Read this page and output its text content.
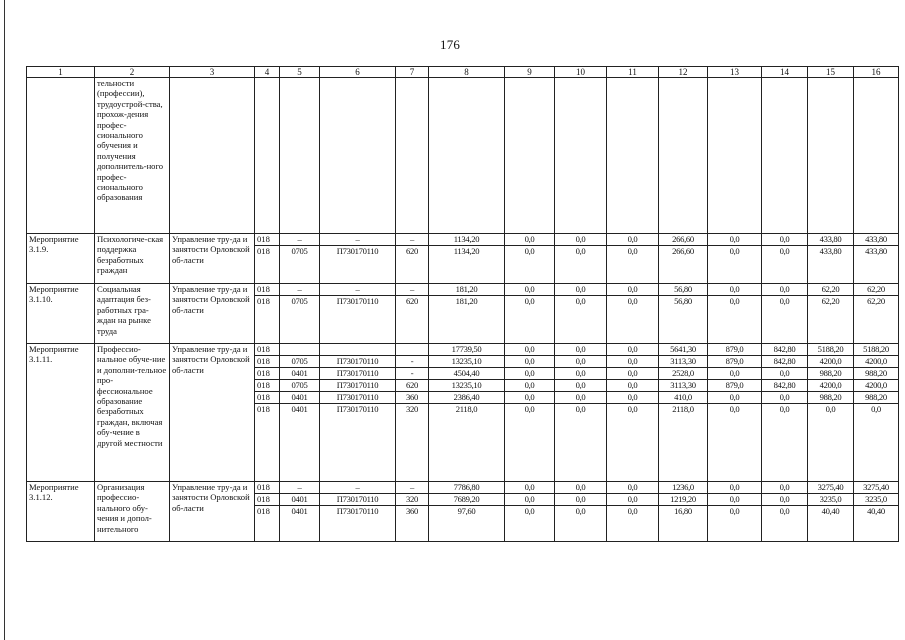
176
1	2	3	4	5	6	7	8	9	10	11	12	13	14	15	16
	тельности (профессии), трудоустрой-ства, прохож-дения профес-сионального обучения и получения дополнитель-ного профес-сионального образования														
Мероприятие 3.1.9.	Психологиче-ская поддержка безработных граждан	Управление тру-да и занятости Орловской об-ласти	018	–	–	–	1134,20	0,0	0,0	0,0	266,60	0,0	0,0	433,80	433,80
			018	0705	П730170110	620	1134,20	0,0	0,0	0,0	266,60	0,0	0,0	433,80	433,80
Мероприятие 3.1.10.	Социальная адаптация без-работных гра-ждан на рынке труда	Управление тру-да и занятости Орловской об-ласти	018	–	–	–	181,20	0,0	0,0	0,0	56,80	0,0	0,0	62,20	62,20
			018	0705	П730170110	620	181,20	0,0	0,0	0,0	56,80	0,0	0,0	62,20	62,20
Мероприятие 3.1.11.	Профессио-нальное обуче-ние и дополни-тельное про-фессиональное образование безработных граждан, включая обу-чение в другой местности	Управление тру-да и занятости Орловской об-ласти	018				17739,50	0,0	0,0	0,0	5641,30	879,0	842,80	5188,20	5188,20
			018	0705	П730170110	-	13235,10	0,0	0,0	0,0	3113,30	879,0	842,80	4200,0	4200,0
			018	0401	П730170110	-	4504,40	0,0	0,0	0,0	2528,0	0,0	0,0	988,20	988,20
			018	0705	П730170110	620	13235,10	0,0	0,0	0,0	3113,30	879,0	842,80	4200,0	4200,0
			018	0401	П730170110	360	2386,40	0,0	0,0	0,0	410,0	0,0	0,0	988,20	988,20
			018	0401	П730170110	320	2118,0	0,0	0,0	0,0	2118,0	0,0	0,0	0,0	0,0
Мероприятие 3.1.12.	Организация профессио-нального обу-чения и допол-нительного	Управление тру-да и занятости Орловской об-ласти	018	–	–	–	7786,80	0,0	0,0	0,0	1236,0	0,0	0,0	3275,40	3275,40
			018	0401	П730170110	320	7689,20	0,0	0,0	0,0	1219,20	0,0	0,0	3235,0	3235,0
			018	0401	П730170110	360	97,60	0,0	0,0	0,0	16,80	0,0	0,0	40,40	40,40
